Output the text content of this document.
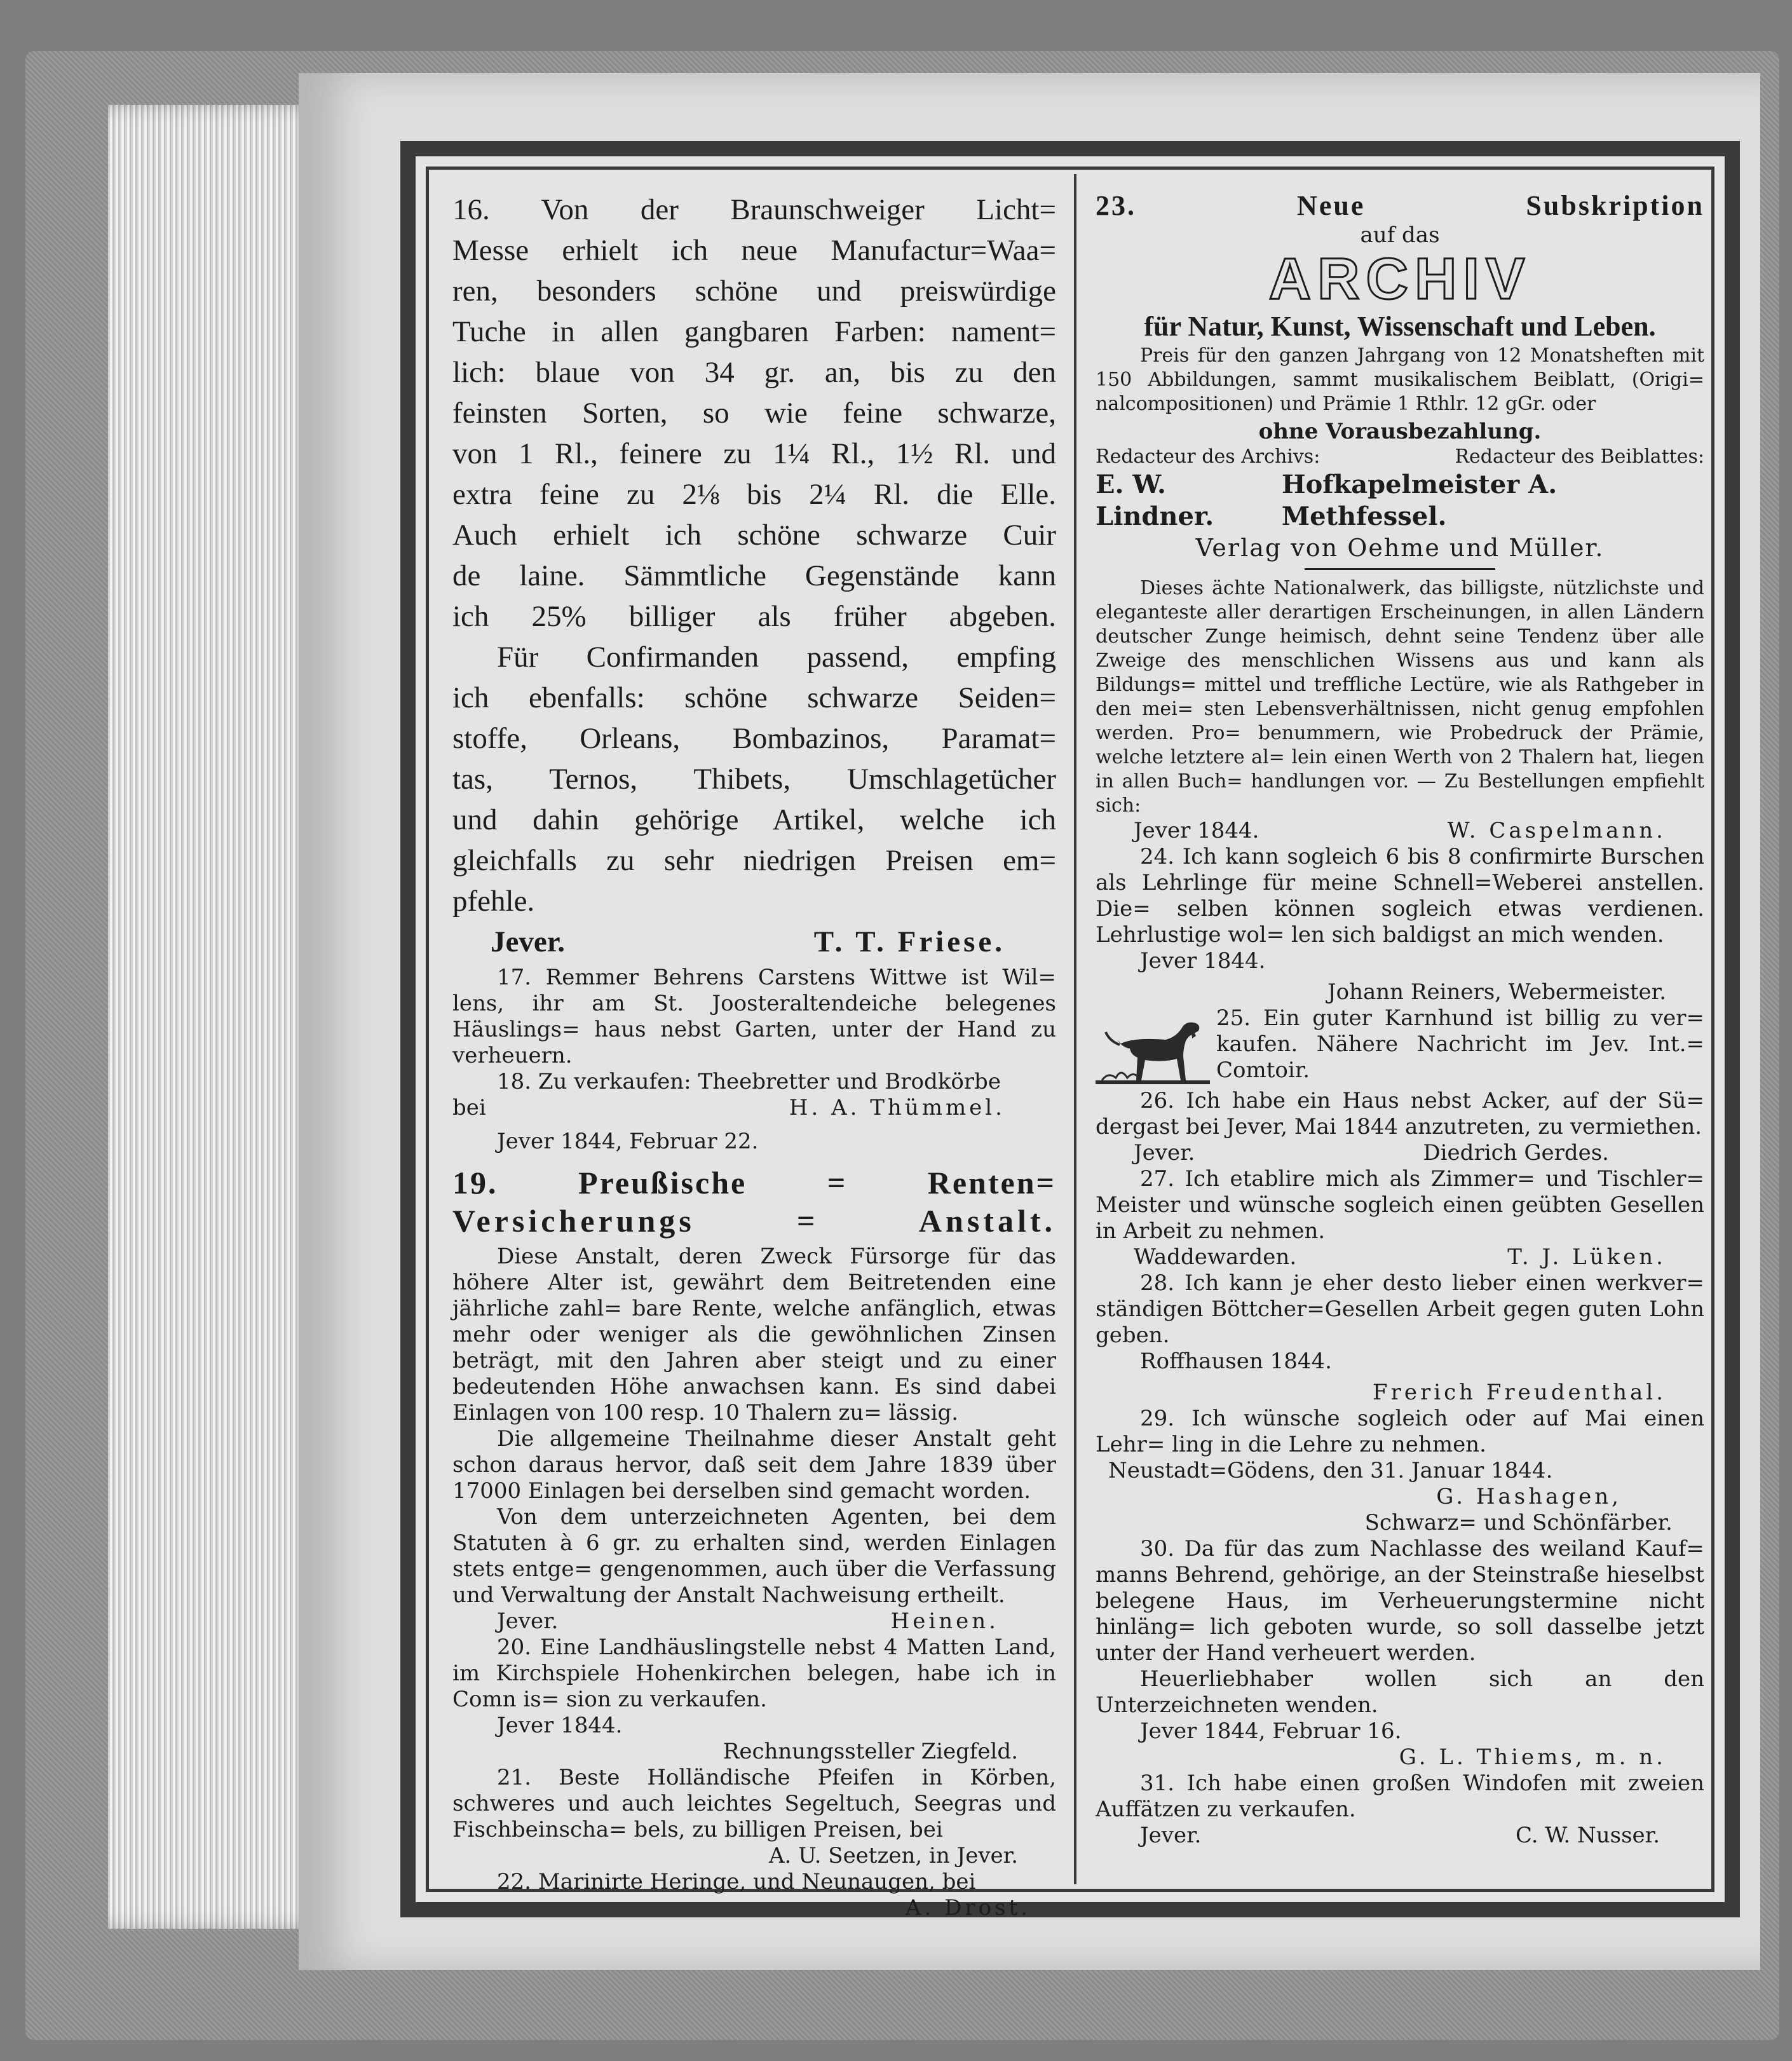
16. Von der Braunschweiger Licht=

Messe erhielt ich neue Manufactur=Waa=

ren, besonders schöne und preiswürdige

Tuche in allen gangbaren Farben: nament=

lich: blaue von 34 gr. an, bis zu den

feinsten Sorten, so wie feine schwarze,

von 1 Rl., feinere zu 1¼ Rl., 1½ Rl. und

extra feine zu 2⅛ bis 2¼ Rl. die Elle.

Auch erhielt ich schöne schwarze Cuir

de laine. Sämmtliche Gegenstände kann

ich 25% billiger als früher abgeben.

Für Confirmanden passend, empfing

ich ebenfalls: schöne schwarze Seiden=

stoffe, Orleans, Bombazinos, Paramat=

tas, Ternos, Thibets, Umschlagetücher

und dahin gehörige Artikel, welche ich

gleichfalls zu sehr niedrigen Preisen em=

pfehle.

Jever.	T. T. Friese.

17. Remmer Behrens Carstens Wittwe ist Wil= lens, ihr am St. Joosteraltendeiche belegenes Häuslings= haus nebst Garten, unter der Hand zu verheuern.

18. Zu verkaufen: Theebretter und Brodkörbe

bei	H. A. Thümmel.

Jever 1844, Februar 22.

19. Preußische = Renten=

Versicherungs = Anstalt.

Diese Anstalt, deren Zweck Fürsorge für das höhere Alter ist, gewährt dem Beitretenden eine jährliche zahl= bare Rente, welche anfänglich, etwas mehr oder weniger als die gewöhnlichen Zinsen beträgt, mit den Jahren aber steigt und zu einer bedeutenden Höhe anwachsen kann. Es sind dabei Einlagen von 100 resp. 10 Thalern zu= lässig.

Die allgemeine Theilnahme dieser Anstalt geht schon daraus hervor, daß seit dem Jahre 1839 über 17000 Einlagen bei derselben sind gemacht worden.

Von dem unterzeichneten Agenten, bei dem Statuten à 6 gr. zu erhalten sind, werden Einlagen stets entge= gengenommen, auch über die Verfassung und Verwaltung der Anstalt Nachweisung ertheilt.

Jever.	Heinen.

20. Eine Landhäuslingstelle nebst 4 Matten Land, im Kirchspiele Hohenkirchen belegen, habe ich in Comn is= sion zu verkaufen.

Jever 1844.

Rechnungssteller Ziegfeld.

21. Beste Holländische Pfeifen in Körben, schweres und auch leichtes Segeltuch, Seegras und Fischbeinscha= bels, zu billigen Preisen, bei

A. U. Seetzen, in Jever.

22. Marinirte Heringe, und Neunaugen, bei

A. Drost.

23. Neue Subskription

auf das

ARCHIV

für Natur, Kunst, Wissenschaft und Leben.

Preis für den ganzen Jahrgang von 12 Monatsheften mit 150 Abbildungen, sammt musikalischem Beiblatt, (Origi= nalcompositionen) und Prämie 1 Rthlr. 12 gGr. oder

ohne Vorausbezahlung.

Redacteur des Archivs:	Redacteur des Beiblattes:
E. W. Lindner.
Hofkapelmeister A. Methfessel.

Verlag von Oehme und Müller.

Dieses ächte Nationalwerk, das billigste, nützlichste und eleganteste aller derartigen Erscheinungen, in allen Ländern deutscher Zunge heimisch, dehnt seine Tendenz über alle Zweige des menschlichen Wissens aus und kann als Bildungs= mittel und treffliche Lectüre, wie als Rathgeber in den mei= sten Lebensverhältnissen, nicht genug empfohlen werden. Pro= benummern, wie Probedruck der Prämie, welche letztere al= lein einen Werth von 2 Thalern hat, liegen in allen Buch= handlungen vor. — Zu Bestellungen empfiehlt sich:

Jever 1844.	W. Caspelmann.

24. Ich kann sogleich 6 bis 8 confirmirte Burschen als Lehrlinge für meine Schnell=Weberei anstellen. Die= selben können sogleich etwas verdienen. Lehrlustige wol= len sich baldigst an mich wenden.

Jever 1844.

Johann Reiners, Webermeister.

25. Ein guter Karnhund ist billig zu ver= kaufen. Nähere Nachricht im Jev. Int.= Comtoir.

26. Ich habe ein Haus nebst Acker, auf der Sü= dergast bei Jever, Mai 1844 anzutreten, zu vermiethen.

Jever.	Diedrich Gerdes.

27. Ich etablire mich als Zimmer= und Tischler= Meister und wünsche sogleich einen geübten Gesellen in Arbeit zu nehmen.

Waddewarden.	T. J. Lüken.

28. Ich kann je eher desto lieber einen werkver= ständigen Böttcher=Gesellen Arbeit gegen guten Lohn geben.

Roffhausen 1844.

Frerich Freudenthal.

29. Ich wünsche sogleich oder auf Mai einen Lehr= ling in die Lehre zu nehmen.

Neustadt=Gödens, den 31. Januar 1844.

G. Hashagen,

Schwarz= und Schönfärber.

30. Da für das zum Nachlasse des weiland Kauf= manns Behrend, gehörige, an der Steinstraße hieselbst belegene Haus, im Verheuerungstermine nicht hinläng= lich geboten wurde, so soll dasselbe jetzt unter der Hand verheuert werden.

Heuerliebhaber wollen sich an den Unterzeichneten wenden.

Jever 1844, Februar 16.

G. L. Thiems, m. n.

31. Ich habe einen großen Windofen mit zweien Auffätzen zu verkaufen.

Jever.	C. W. Nusser.
